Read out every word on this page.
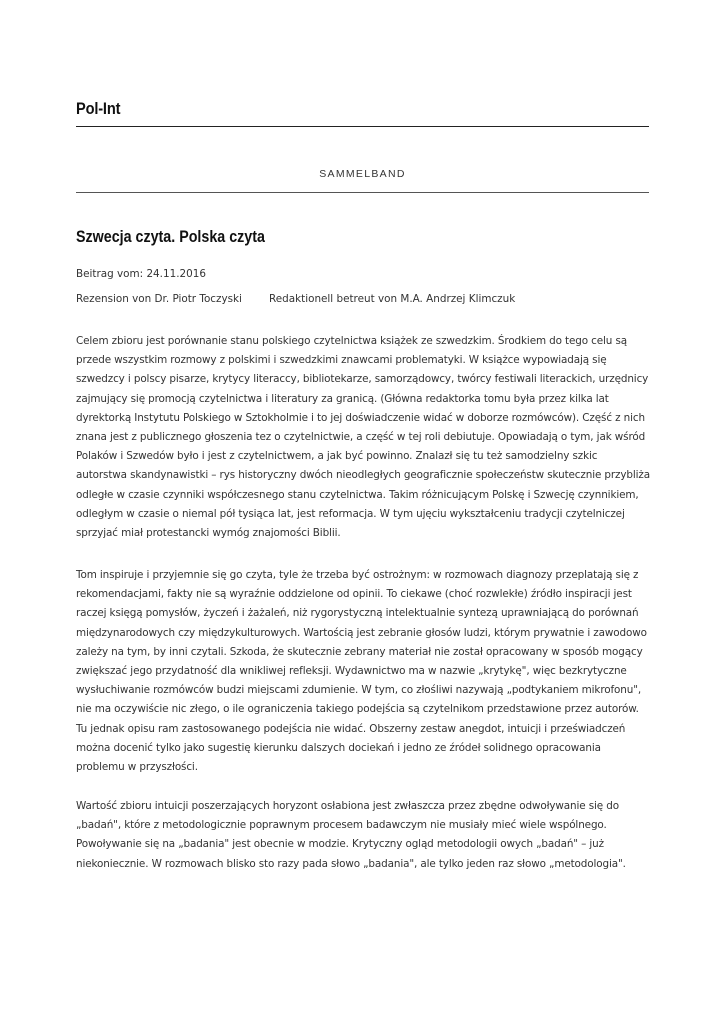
Pol-Int
SAMMELBAND
Szwecja czyta. Polska czyta
Beitrag vom: 24.11.2016
Rezension von Dr. Piotr Toczyski	Redaktionell betreut von M.A. Andrzej Klimczuk

Celem zbioru jest porównanie stanu polskiego czytelnictwa książek ze szwedzkim. Środkiem do tego celu są przede wszystkim rozmowy z polskimi i szwedzkimi znawcami problematyki. W książce wypowiadają się szwedzcy i polscy pisarze, krytycy literaccy, bibliotekarze, samorządowcy, twórcy festiwali literackich, urzędnicy zajmujący się promocją czytelnictwa i literatury za granicą. (Główna redaktorka tomu była przez kilka lat dyrektorką Instytutu Polskiego w Sztokholmie i to jej doświadczenie widać w doborze rozmówców). Część z nich znana jest z publicznego głoszenia tez o czytelnictwie, a część w tej roli debiutuje. Opowiadają o tym, jak wśród Polaków i Szwedów było i jest z czytelnictwem, a jak być powinno. Znalazł się tu też samodzielny szkic autorstwa skandynawistki – rys historyczny dwóch nieodległych geograficznie społeczeństw skutecznie przybliża odległe w czasie czynniki współczesnego stanu czytelnictwa. Takim różnicującym Polskę i Szwecję czynnikiem, odległym w czasie o niemal pół tysiąca lat, jest reformacja. W tym ujęciu wykształceniu tradycji czytelniczej sprzyjać miał protestancki wymóg znajomości Biblii.

Tom inspiruje i przyjemnie się go czyta, tyle że trzeba być ostrożnym: w rozmowach diagnozy przeplatają się z rekomendacjami, fakty nie są wyraźnie oddzielone od opinii. To ciekawe (choć rozwlekłe) źródło inspiracji jest raczej księgą pomysłów, życzeń i żażaleń, niż rygorystyczną intelektualnie syntezą uprawniającą do porównań międzynarodowych czy międzykulturowych. Wartością jest zebranie głosów ludzi, którym prywatnie i zawodowo zależy na tym, by inni czytali. Szkoda, że skutecznie zebrany materiał nie został opracowany w sposób mogący zwiększać jego przydatność dla wnikliwej refleksji. Wydawnictwo ma w nazwie „krytykę", więc bezkrytyczne wysłuchiwanie rozmówców budzi miejscami zdumienie. W tym, co złośliwi nazywają „podtykaniem mikrofonu", nie ma oczywiście nic złego, o ile ograniczenia takiego podejścia są czytelnikom przedstawione przez autorów. Tu jednak opisu ram zastosowanego podejścia nie widać. Obszerny zestaw anegdot, intuicji i przeświadczeń można docenić tylko jako sugestię kierunku dalszych dociekań i jedno ze źródeł solidnego opracowania problemu w przyszłości.

Wartość zbioru intuicji poszerzających horyzont osłabiona jest zwłaszcza przez zbędne odwoływanie się do „badań", które z metodologicznie poprawnym procesem badawczym nie musiały mieć wiele wspólnego. Powoływanie się na „badania" jest obecnie w modzie. Krytyczny ogląd metodologii owych „badań" – już niekoniecznie. W rozmowach blisko sto razy pada słowo „badania", ale tylko jeden raz słowo „metodologia".
